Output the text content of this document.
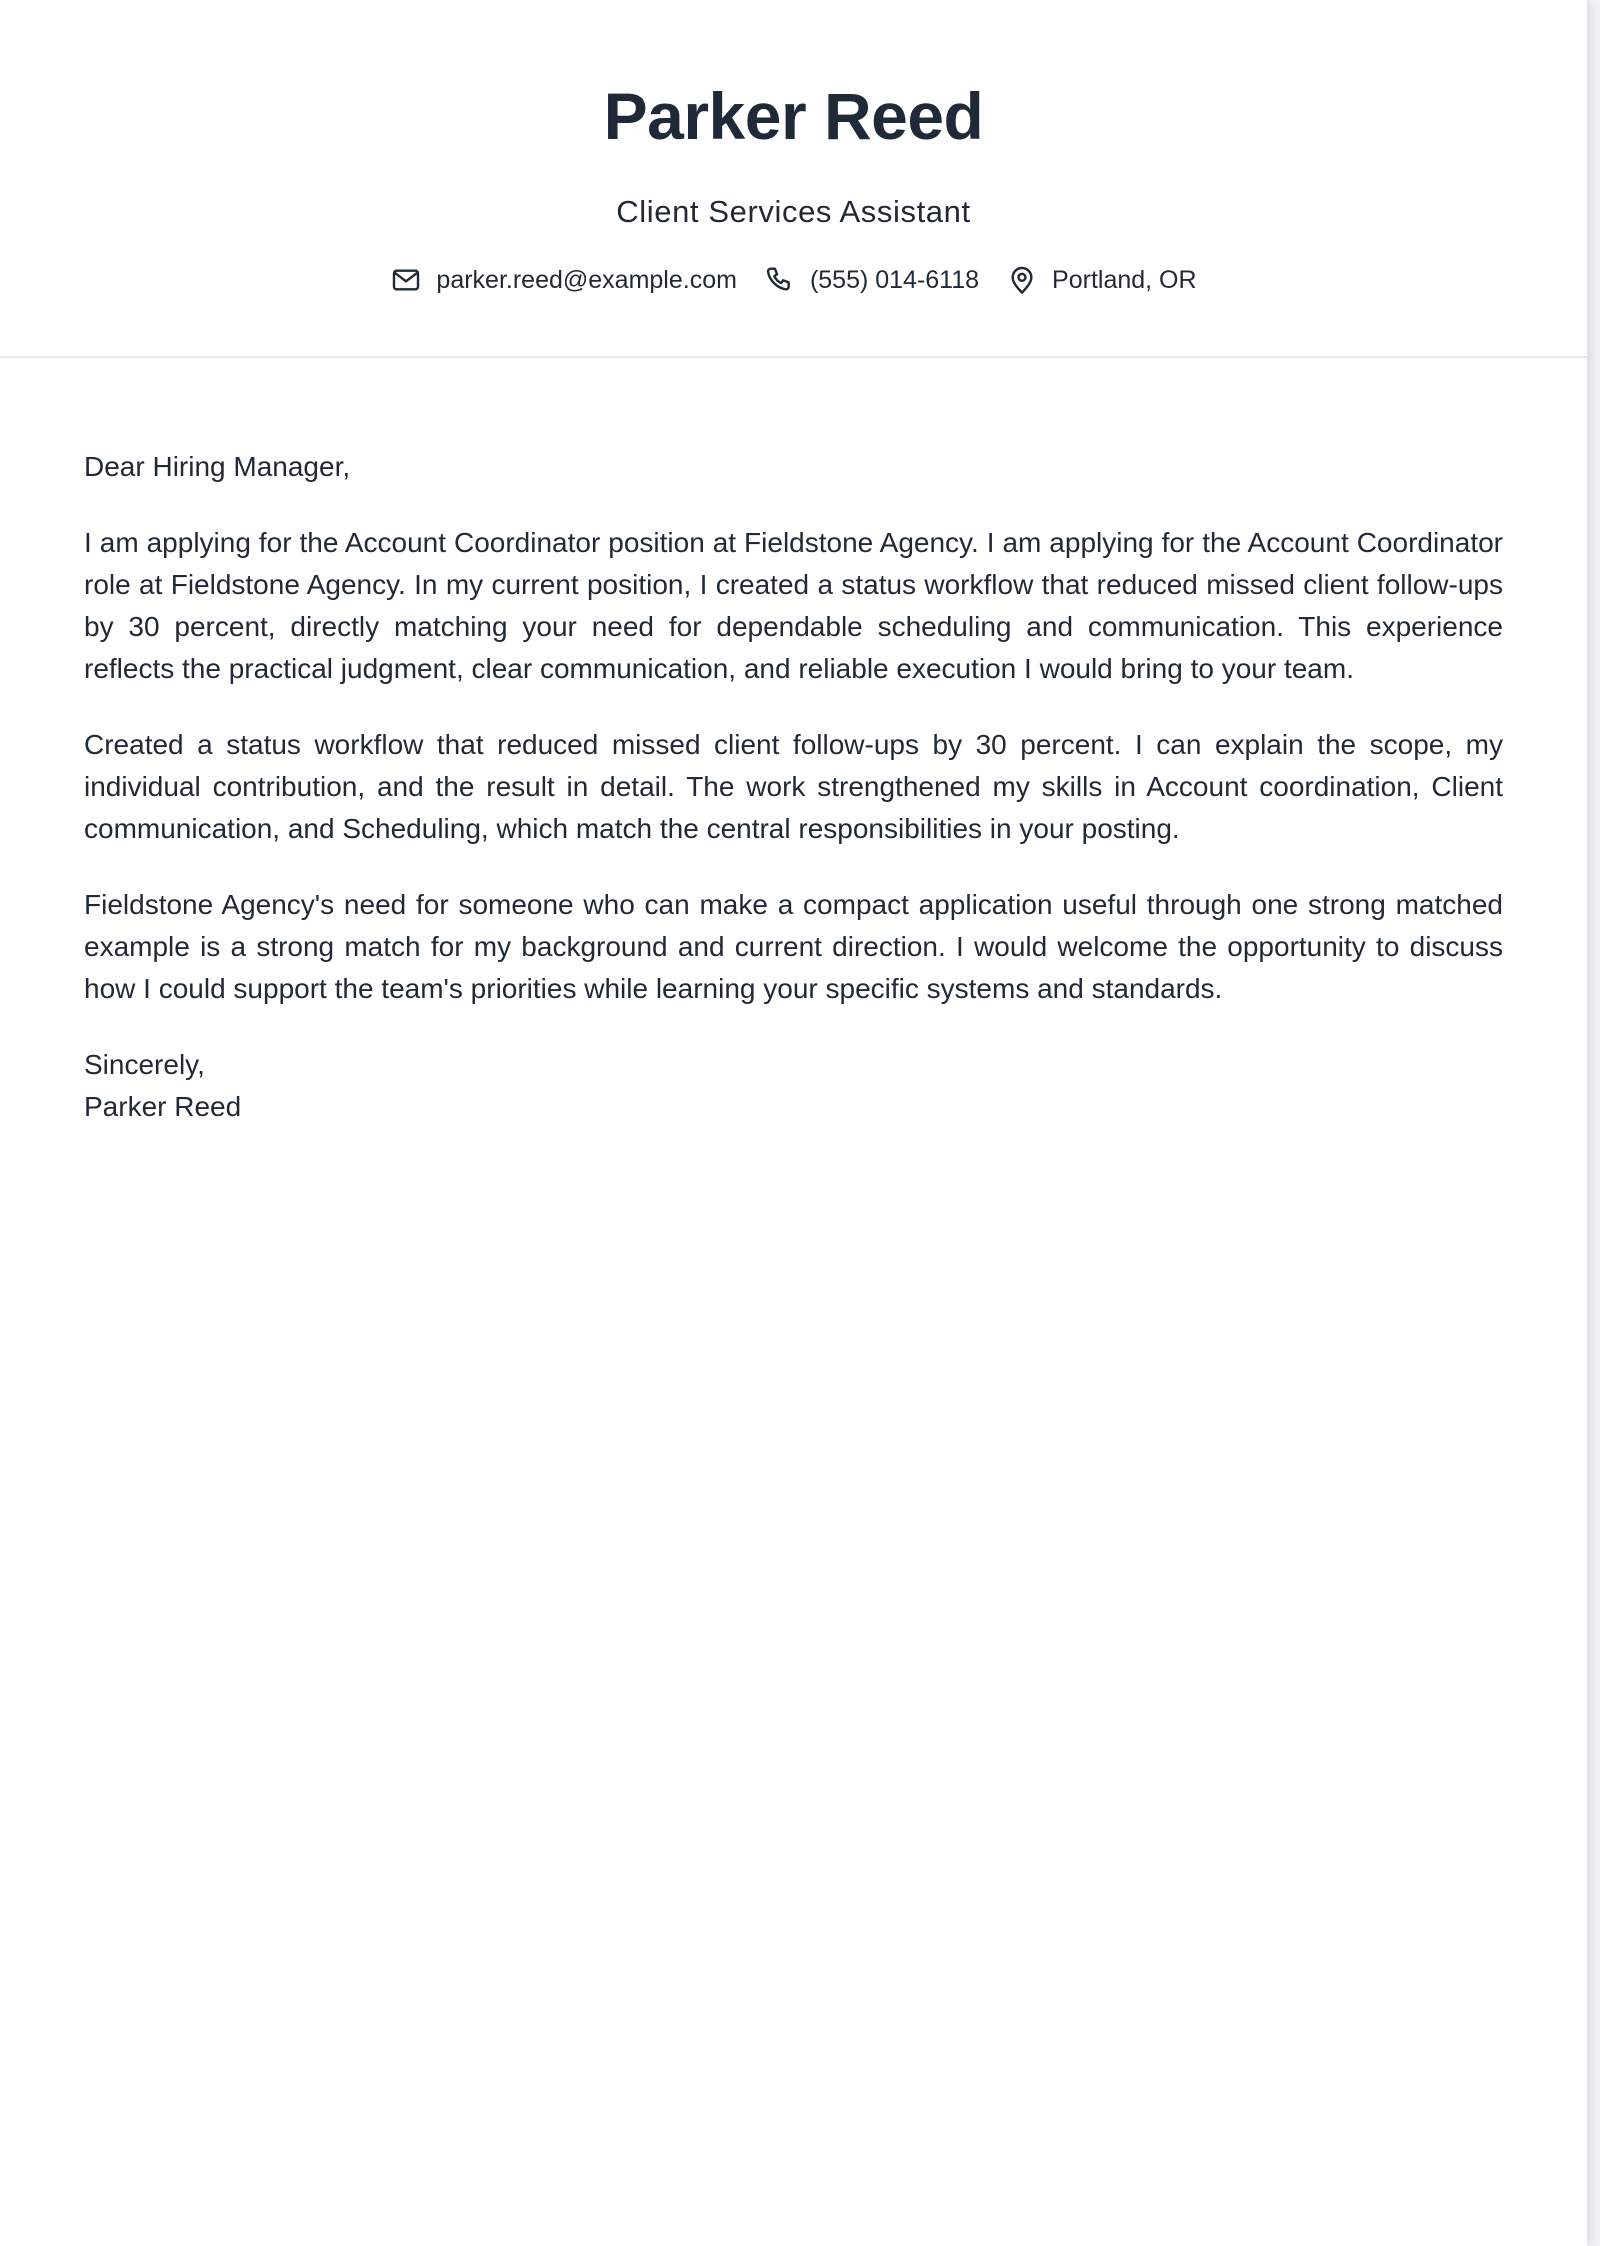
Parker Reed
Client Services Assistant
parker.reed@example.com	(555) 014-6118	Portland, OR

Dear Hiring Manager,

I am applying for the Account Coordinator position at Fieldstone Agency. I am applying for the Account Coordinator role at Fieldstone Agency. In my current position, I created a status workflow that reduced missed client follow-ups by 30 percent, directly matching your need for dependable scheduling and communication. This experience reflects the practical judgment, clear communication, and reliable execution I would bring to your team.

Created a status workflow that reduced missed client follow-ups by 30 percent. I can explain the scope, my individual contribution, and the result in detail. The work strengthened my skills in Account coordination, Client communication, and Scheduling, which match the central responsibilities in your posting.

Fieldstone Agency's need for someone who can make a compact application useful through one strong matched example is a strong match for my background and current direction. I would welcome the opportunity to discuss how I could support the team's priorities while learning your specific systems and standards.

Sincerely,
Parker Reed
